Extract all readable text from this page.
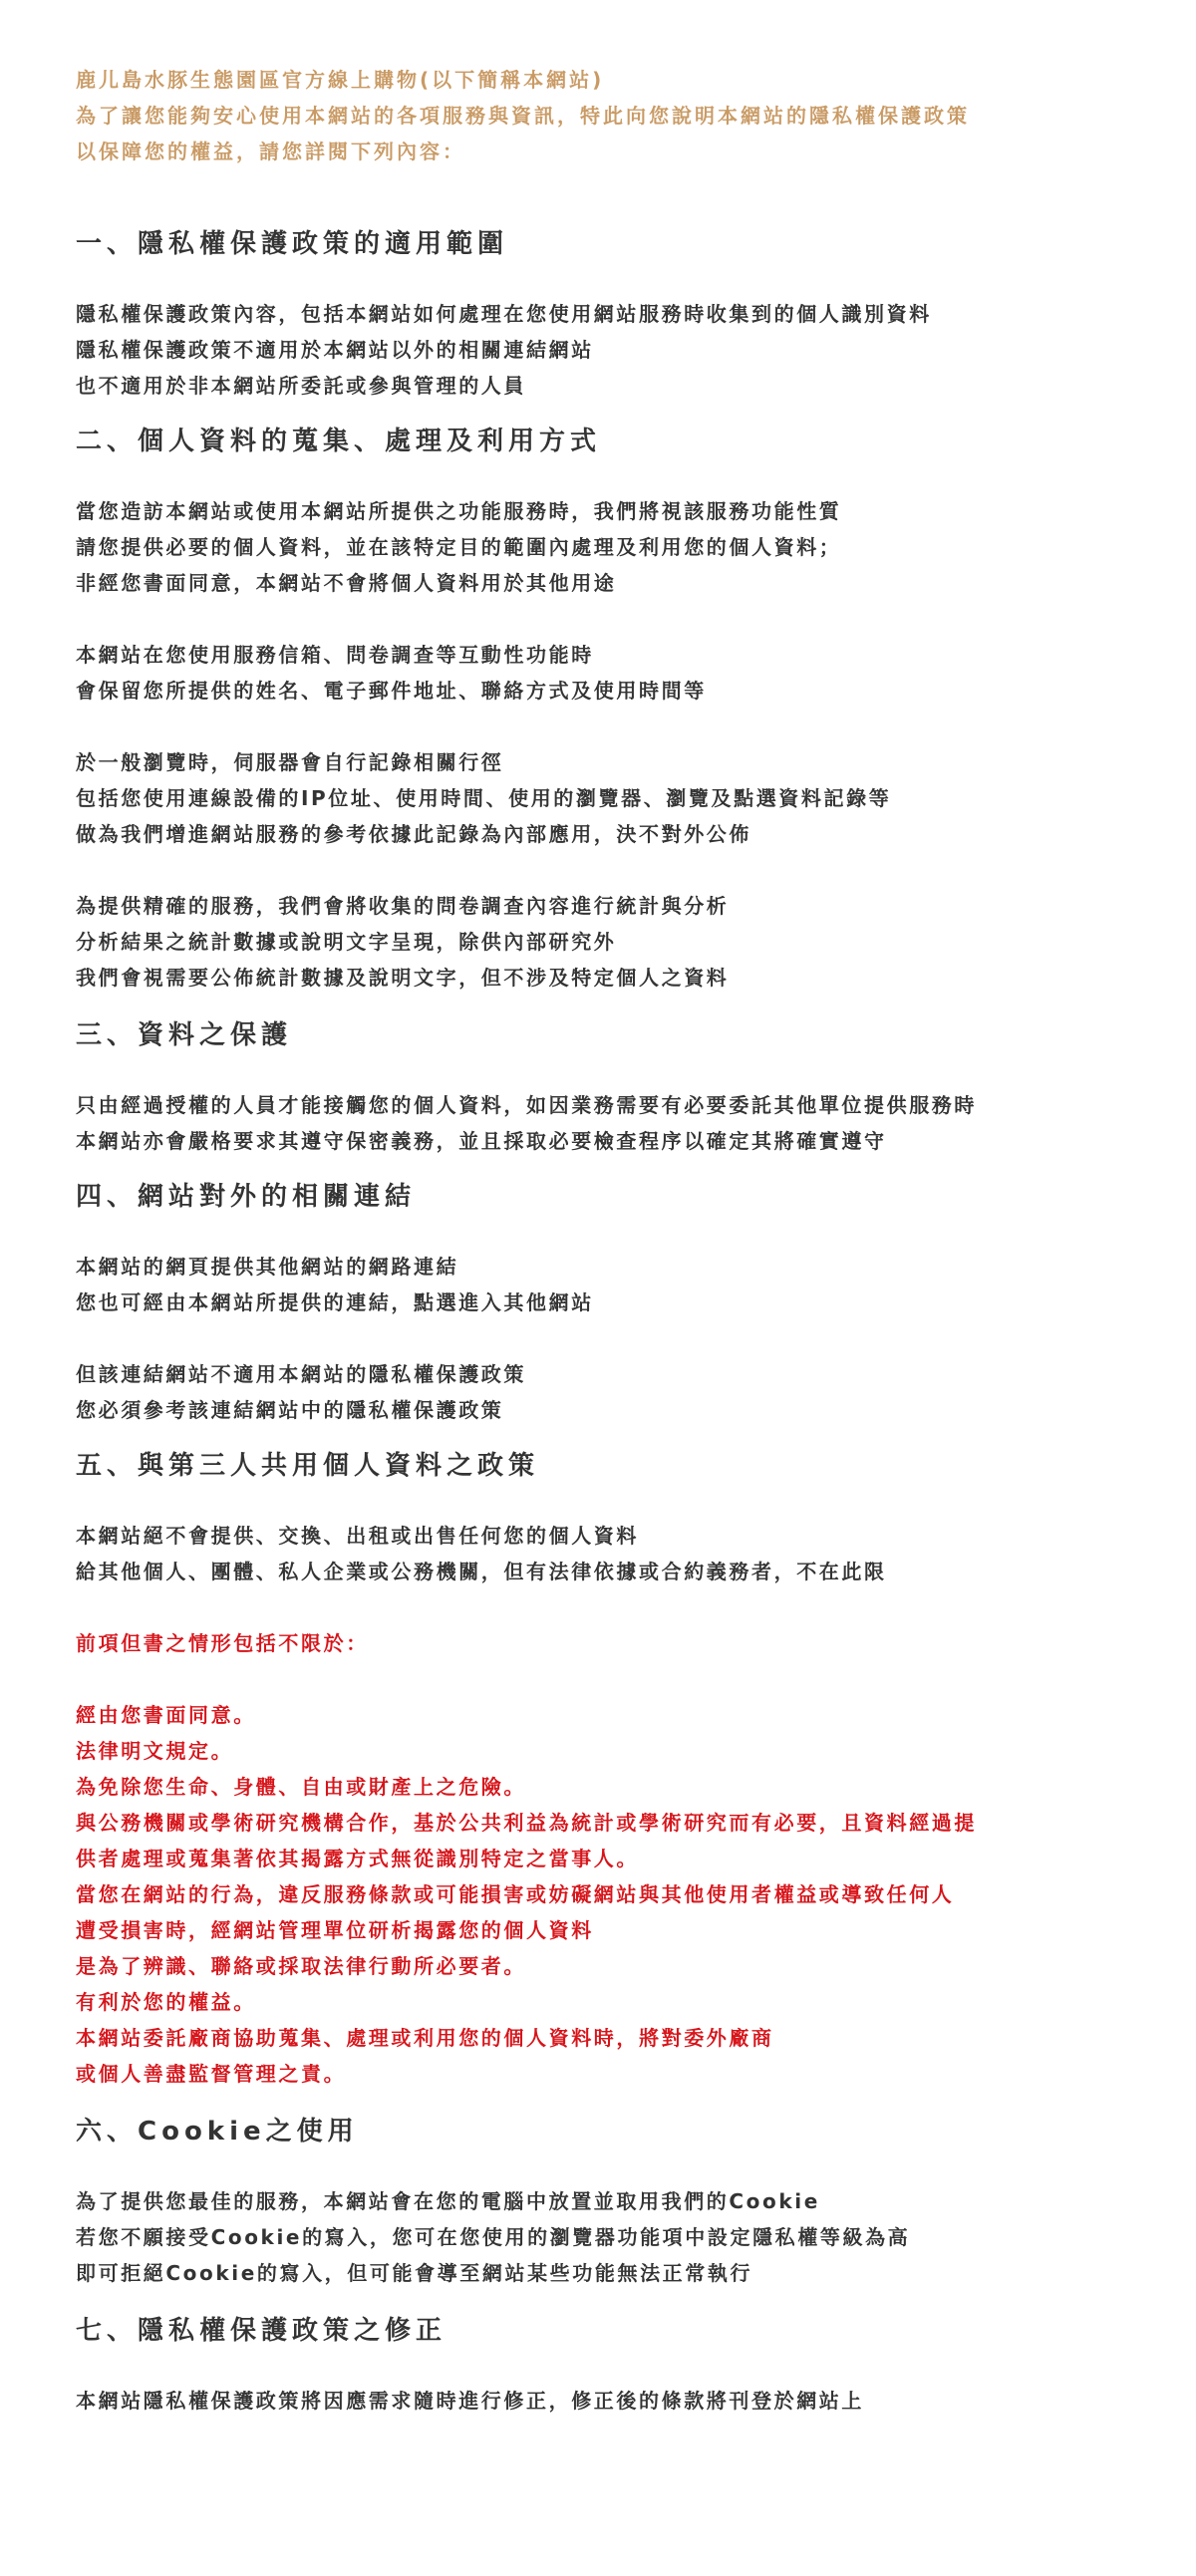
鹿儿島水豚生態園區官方線上購物(以下簡稱本網站)
為了讓您能夠安心使用本網站的各項服務與資訊，特此向您說明本網站的隱私權保護政策
以保障您的權益，請您詳閱下列內容：
一、隱私權保護政策的適用範圍
隱私權保護政策內容，包括本網站如何處理在您使用網站服務時收集到的個人識別資料
隱私權保護政策不適用於本網站以外的相關連結網站
也不適用於非本網站所委託或參與管理的人員
二、個人資料的蒐集、處理及利用方式
當您造訪本網站或使用本網站所提供之功能服務時，我們將視該服務功能性質
請您提供必要的個人資料，並在該特定目的範圍內處理及利用您的個人資料；
非經您書面同意，本網站不會將個人資料用於其他用途
本網站在您使用服務信箱、問卷調查等互動性功能時
會保留您所提供的姓名、電子郵件地址、聯絡方式及使用時間等
於一般瀏覽時，伺服器會自行記錄相關行徑
包括您使用連線設備的IP位址、使用時間、使用的瀏覽器、瀏覽及點選資料記錄等
做為我們增進網站服務的參考依據此記錄為內部應用，決不對外公佈
為提供精確的服務，我們會將收集的問卷調查內容進行統計與分析
分析結果之統計數據或說明文字呈現，除供內部研究外
我們會視需要公佈統計數據及說明文字，但不涉及特定個人之資料
三、資料之保護
只由經過授權的人員才能接觸您的個人資料，如因業務需要有必要委託其他單位提供服務時
本網站亦會嚴格要求其遵守保密義務，並且採取必要檢查程序以確定其將確實遵守
四、網站對外的相關連結
本網站的網頁提供其他網站的網路連結
您也可經由本網站所提供的連結，點選進入其他網站
但該連結網站不適用本網站的隱私權保護政策
您必須參考該連結網站中的隱私權保護政策
五、與第三人共用個人資料之政策
本網站絕不會提供、交換、出租或出售任何您的個人資料
給其他個人、團體、私人企業或公務機關，但有法律依據或合約義務者，不在此限
前項但書之情形包括不限於：
經由您書面同意。
法律明文規定。
為免除您生命、身體、自由或財產上之危險。
與公務機關或學術研究機構合作，基於公共利益為統計或學術研究而有必要，且資料經過提
供者處理或蒐集著依其揭露方式無從識別特定之當事人。
當您在網站的行為，違反服務條款或可能損害或妨礙網站與其他使用者權益或導致任何人
遭受損害時，經網站管理單位研析揭露您的個人資料
是為了辨識、聯絡或採取法律行動所必要者。
有利於您的權益。
本網站委託廠商協助蒐集、處理或利用您的個人資料時，將對委外廠商
或個人善盡監督管理之責。
六、Cookie之使用
為了提供您最佳的服務，本網站會在您的電腦中放置並取用我們的Cookie
若您不願接受Cookie的寫入，您可在您使用的瀏覽器功能項中設定隱私權等級為高
即可拒絕Cookie的寫入，但可能會導至網站某些功能無法正常執行
七、隱私權保護政策之修正
本網站隱私權保護政策將因應需求隨時進行修正，修正後的條款將刊登於網站上
